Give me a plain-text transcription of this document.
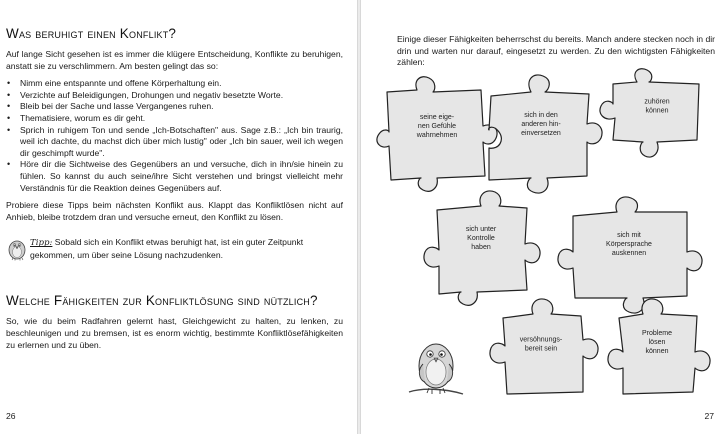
Was beruhigt einen Konflikt?

Auf lange Sicht gesehen ist es immer die klügere Entscheidung, Konflikte zu beruhigen, anstatt sie zu verschlimmern. Am besten gelingt das so:

• Nimm eine entspannte und offene Körperhaltung ein.
• Verzichte auf Beleidigungen, Drohungen und negativ besetzte Worte.
• Bleib bei der Sache und lasse Vergangenes ruhen.
• Thematisiere, worum es dir geht.
• Sprich in ruhigem Ton und sende „Ich-Botschaften" aus. Sage z.B.: „Ich bin traurig, weil ich dachte, du machst dich über mich lustig" oder „Ich bin sauer, weil ich wegen dir geschimpft wurde".
• Höre dir die Sichtweise des Gegenübers an und versuche, dich in ihn/sie hinein zu fühlen. So kannst du auch seine/ihre Sicht verstehen und bringst vielleicht mehr Verständnis für die Reaktion deines Gegenübers auf.

Probiere diese Tipps beim nächsten Konflikt aus. Klappt das Konfliktlösen nicht auf Anhieb, bleibe trotzdem dran und versuche erneut, den Konflikt zu lösen.

Tipp: Sobald sich ein Konflikt etwas beruhigt hat, ist ein guter Zeitpunkt gekommen, um über seine Lösung nachzudenken.
Welche Fähigkeiten zur Konfliktlösung sind nützlich?

So, wie du beim Radfahren gelernt hast, Gleichgewicht zu halten, zu lenken, zu beschleunigen und zu bremsen, ist es enorm wichtig, bestimmte Konfliktlösefähigkeiten zu erlernen und zu üben.

26

Einige dieser Fähigkeiten beherrschst du bereits. Manch andere stecken noch in dir drin und warten nur darauf, eingesetzt zu werden. Zu den wichtigsten Fähigkeiten zählen:

seine eige-nen Gefühle wahrnehmen
sich in den anderen hin-einversetzen
zuhören können
sich unter Kontrolle haben
sich mit Körpersprache auskennen
versöhnungs-bereit sein
Probleme lösen können
27
